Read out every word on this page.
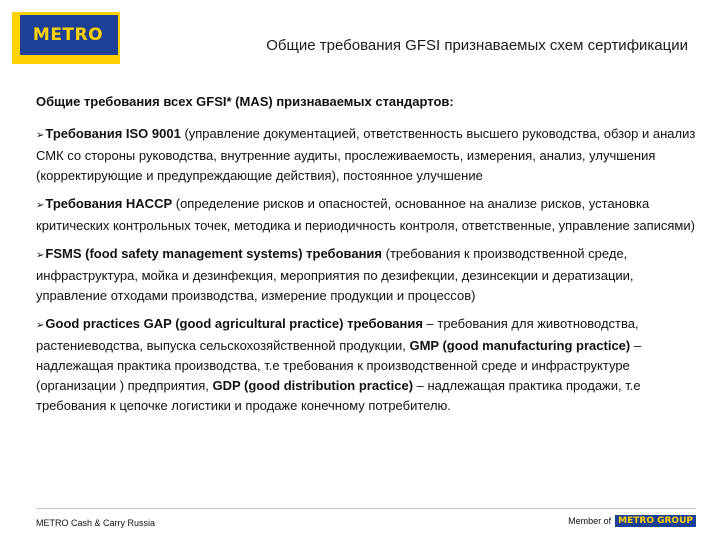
METRO
Общие требования GFSI признаваемых схем сертификации

Общие требования всех GFSI* (MAS) признаваемых стандартов:

➢Требования ISO 9001 (управление документацией, ответственность высшего руководства, обзор и анализ СМК со стороны руководства, внутренние аудиты, прослеживаемость, измерения, анализ, улучшения (корректирующие и предупреждающие действия), постоянное улучшение

➢Требования HACCP (определение рисков и опасностей, основанное на анализе рисков, установка критических контрольных точек, методика и периодичность контроля, ответственные, управление записями)

➢FSMS (food safety management systems) требования (требования к производственной среде, инфраструктура, мойка и дезинфекция, мероприятия по дезифекции, дезинсекции и дератизации, управление отходами производства, измерение продукции и процессов)

➢Good practices GAP (good agricultural practice) требования – требования для животноводства, растениеводства, выпуска сельскохозяйственной продукции, GMP (good manufacturing practice) – надлежащая практика производства, т.е требования к производственной среде и инфраструктуре (организации ) предприятия, GDP (good distribution practice) – надлежащая практика продажи, т.е требования к цепочке логистики и продаже конечному потребителю.

METRO Cash & Carry Russia	Member of METRO GROUP
